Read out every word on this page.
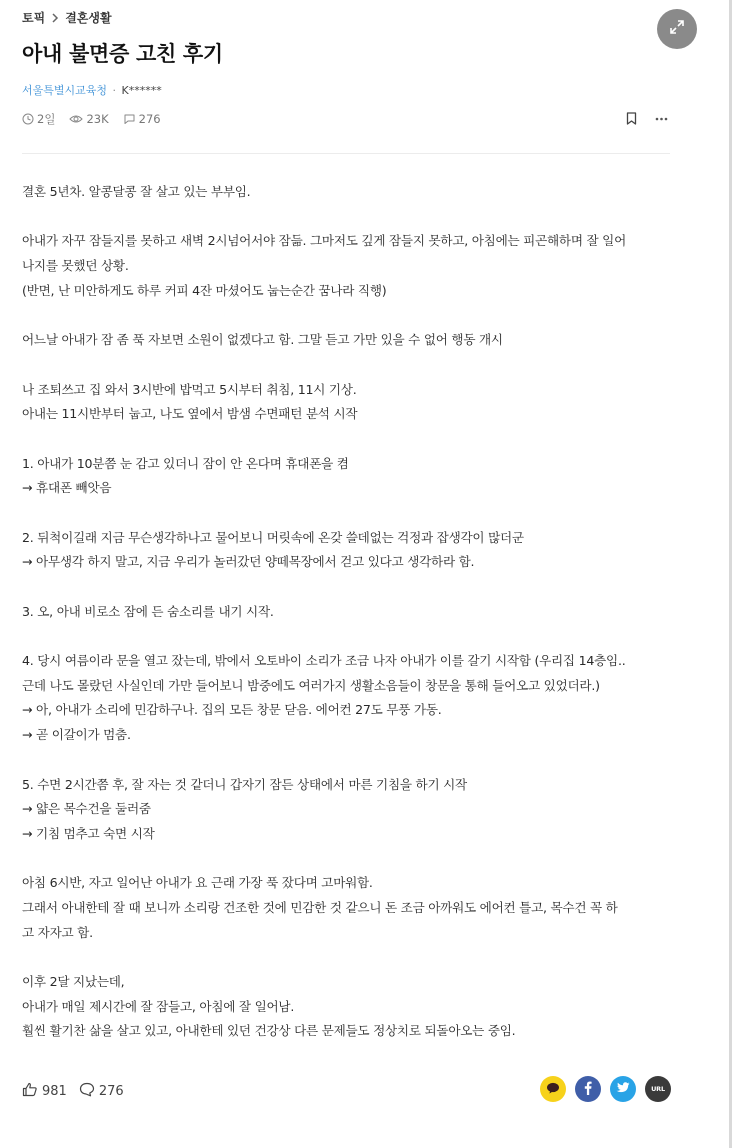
토픽 결혼생활
아내 불면증 고친 후기
서울특별시교육청 · K******
2일	23K	276
결혼 5년차. 알콩달콩 잘 살고 있는 부부임.
아내가 자꾸 잠들지를 못하고 새벽 2시넘어서야 잠듦. 그마저도 깊게 잠들지 못하고, 아침에는 피곤해하며 잘 일어
나지를 못했던 상황.
(반면, 난 미안하게도 하루 커피 4잔 마셨어도 눕는순간 꿈나라 직행)
어느날 아내가 잠 좀 푹 자보면 소원이 없겠다고 함. 그말 듣고 가만 있을 수 없어 행동 개시
나 조퇴쓰고 집 와서 3시반에 밥먹고 5시부터 취침, 11시 기상.
아내는 11시반부터 눕고, 나도 옆에서 밤샘 수면패턴 분석 시작
1. 아내가 10분쯤 눈 감고 있더니 잠이 안 온다며 휴대폰을 켬
→ 휴대폰 빼앗음
2. 뒤척이길래 지금 무슨생각하나고 물어보니 머릿속에 온갖 쓸데없는 걱정과 잡생각이 많더군
→ 아무생각 하지 말고, 지금 우리가 놀러갔던 양떼목장에서 걷고 있다고 생각하라 함.
3. 오, 아내 비로소 잠에 든 숨소리를 내기 시작.
4. 당시 여름이라 문을 열고 잤는데, 밖에서 오토바이 소리가 조금 나자 아내가 이를 갈기 시작함 (우리집 14층임..
근데 나도 몰랐던 사실인데 가만 들어보니 밤중에도 여러가지 생활소음들이 창문을 통해 들어오고 있었더라.)
→ 아, 아내가 소리에 민감하구나. 집의 모든 창문 닫음. 에어컨 27도 무풍 가동.
→ 곧 이갈이가 멈춤.
5. 수면 2시간쯤 후, 잘 자는 것 같더니 갑자기 잠든 상태에서 마른 기침을 하기 시작
→ 얇은 목수건을 둘러줌
→ 기침 멈추고 숙면 시작
아침 6시반, 자고 일어난 아내가 요 근래 가장 푹 잤다며 고마워함.
그래서 아내한테 잘 때 보니까 소리랑 건조한 것에 민감한 것 같으니 돈 조금 아까워도 에어컨 틀고, 목수건 꼭 하
고 자자고 함.
이후 2달 지났는데,
아내가 매일 제시간에 잘 잠들고, 아침에 잘 일어남.
훨씬 활기찬 삶을 살고 있고, 아내한테 있던 건강상 다른 문제들도 정상치로 되돌아오는 중임.
981 276	URL
